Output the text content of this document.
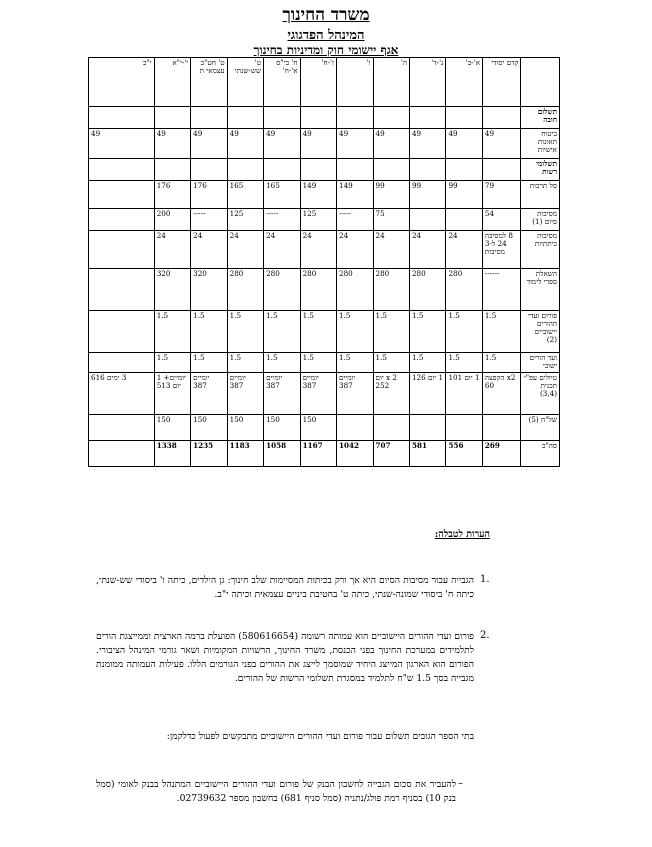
משרד החינוך
המינהל הפדגוגי
אגף יישומי חוק ומדיניות בחינוך
	קדם יסודי	א'-ב'	ג'-ד'	ה'	ו'	ז'-ח'	ח' בי"ס א'-ח'	ט' שש-שנתי	ט' חט"ב עצמאי ת	י'-י"א	י"ב
תשלום חובה											
ביטוח תאונות אישיות	49	49	49	49	49	49	49	49	49	49	49
תשלומי רשות											
סל תרבות	79	99	99	99	149	149	165	165	176	176	
מסיבות סיום (1)	54			75	-----	125	-----	125	-----	200	
מסיבות כיתתיות	8 למסיבה 24 ל-3 מסיבות	24	24	24	24	24	24	24	24	24	
השאלת ספרי לימוד	------	280	280	280	280	280	280	280	320	320	
פורום ועדי ההורים יישוביים (2)	1.5	1.5	1.5	1.5	1.5	1.5	1.5	1.5	1.5	1.5	
ועד הורים ישובי	1.5	1.5	1.5	1.5	1.5	1.5	1.5	1.5	1.5	1.5	
טיולים עפ"י תכנית (3,4)	x2 הקפצה 60	1 יום 101	1 יום 126	2 x יום 252	יומיים 387	יומיים 387	יומיים 387	יומיים 387	יומיים 387	יומיים+ 1 יום 513	3 ימים 616
של"ח (5)						150	150	150	150	150	
סה"כ	269	556	581	707	1042	1167	1058	1183	1235	1338	
הערות לטבלה:
1.
הגבייה עבור מסיבות הסיום היא אך ורק בכיתות המסיימות שלב חינוך: גן הילדים, כיתה ו' ביסודי שש-שנתי, כיתה ח' ביסודי שמונה-שנתי, כיתה ט' בחטיבת ביניים עצמאית וכיתה י"ב.
2.
פורום ועדי ההורים היישוביים הוא עמותה רשומה (580616654) הפועלת ברמה הארצית וממייצגת הורים לתלמידים במערכת החינוך בפני הכנסת, משרד החינוך, הרשויות המקומיות ושאר גורמי המינהל הציבורי. הפורום הוא הארגון המייצג היחיד שמוסמך לייצג את ההורים בפני הגורמים הללו. פעילות העמותה ממומנת מגבייה בסך 1.5 ש"ח לתלמיד במסגרת תשלומי הרשות של ההורים.
בתי הספר הגובים תשלום עבור פורום ועדי ההורים היישוביים מתבקשים לפעול כדלקמן:
–
להעביר את סכום הגבייה לחשבון הבנק של פורום ועדי ההורים היישוביים המתנהל בבנק לאומי (סמל בנק 10) בסניף רמת פולג/נתניה (סמל סניף 681) בחשבון מספר 02739632.
